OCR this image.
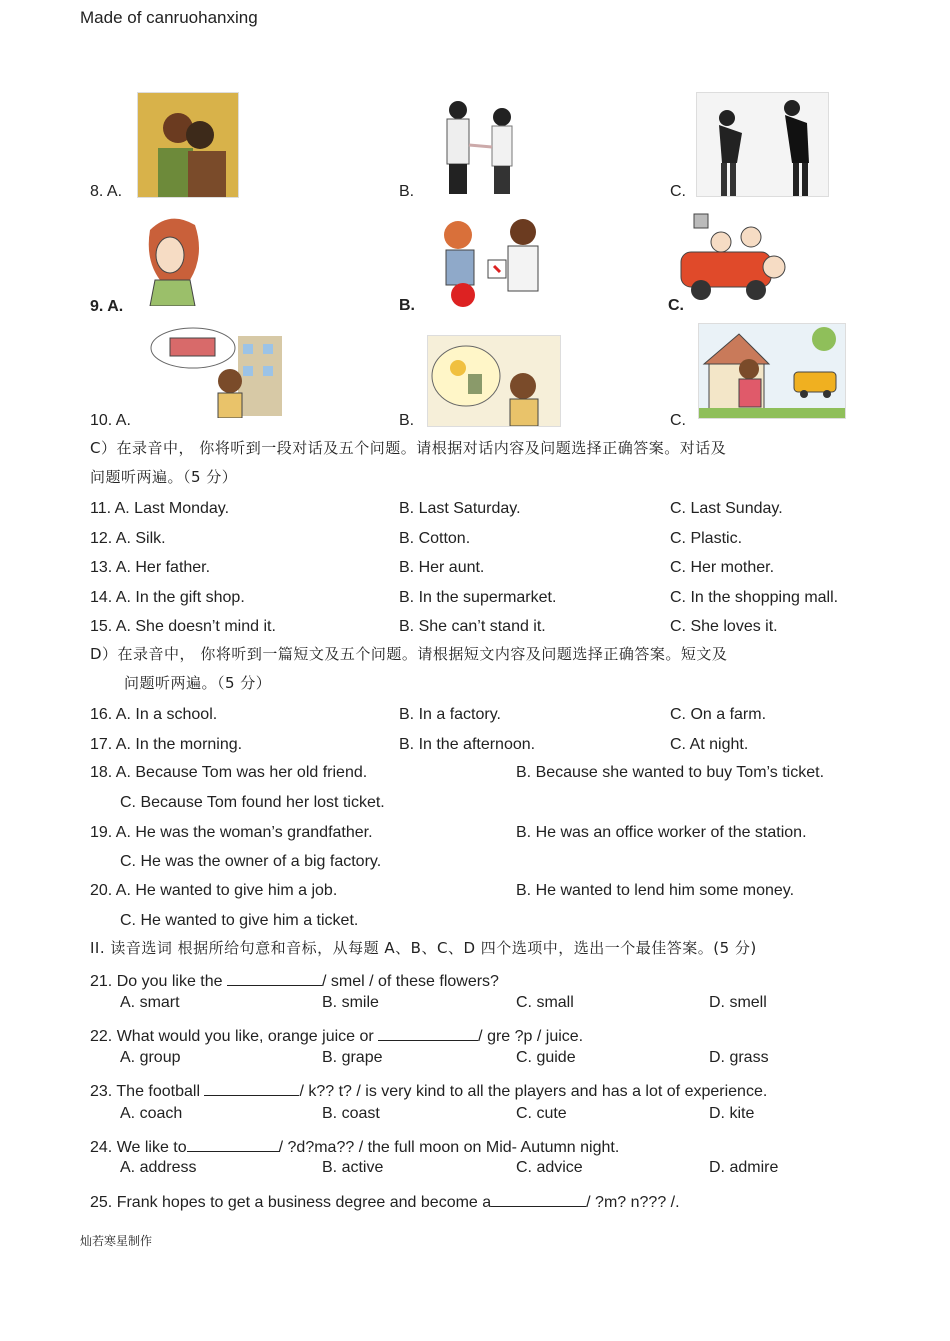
Made of canruohanxing
8. A.	B.	C.
9. A.	B.	C.
10. A.	B.	C.
C）在录音中， 你将听到一段对话及五个问题。请根据对话内容及问题选择正确答案。对话及
问题听两遍。（5 分）
11. A. Last Monday.	B. Last Saturday.	C. Last Sunday.
12. A. Silk.	B. Cotton.	C. Plastic.
13. A. Her father.	B. Her aunt.	C. Her mother.
14. A. In the gift shop.	B. In the supermarket.	C. In the shopping mall.
15. A. She doesn’t mind it.	B. She can’t stand it.	C. She loves it.
D）在录音中， 你将听到一篇短文及五个问题。请根据短文内容及问题选择正确答案。短文及
问题听两遍。（5 分）
16. A. In a school.	B. In a factory.	C. On a farm.
17. A. In the morning.	B. In the afternoon.	C. At night.
18. A. Because Tom was her old friend.	B. Because she wanted to buy Tom’s ticket.
C. Because Tom found her lost ticket.
19. A. He was the woman’s grandfather.	B. He was an office worker of the station.
C. He was the owner of a big factory.
20. A. He wanted to give him a job.	B. He wanted to lend him some money.
C. He wanted to give him a ticket.
II. 读音选词 根据所给句意和音标，从每题 A、B、C、D 四个选项中，选出一个最佳答案。(5 分)
21. Do you like the	/ smel / of these flowers?
A. smart	B. smile	C. small	D. smell
22. What would you like, orange juice or	/ gre ?p / juice.
A. group	B. grape	C. guide	D. grass
23. The football	/ k?? t? / is very kind to all the players and has a lot of experience.
A. coach	B. coast	C. cute	D. kite
24. We like to	/ ?d?ma?? / the full moon on Mid- Autumn night.
A. address	B. active	C. advice	D. admire
25. Frank hopes to get a business degree and become a	/ ?m? n??? /.
灿若寒星制作
